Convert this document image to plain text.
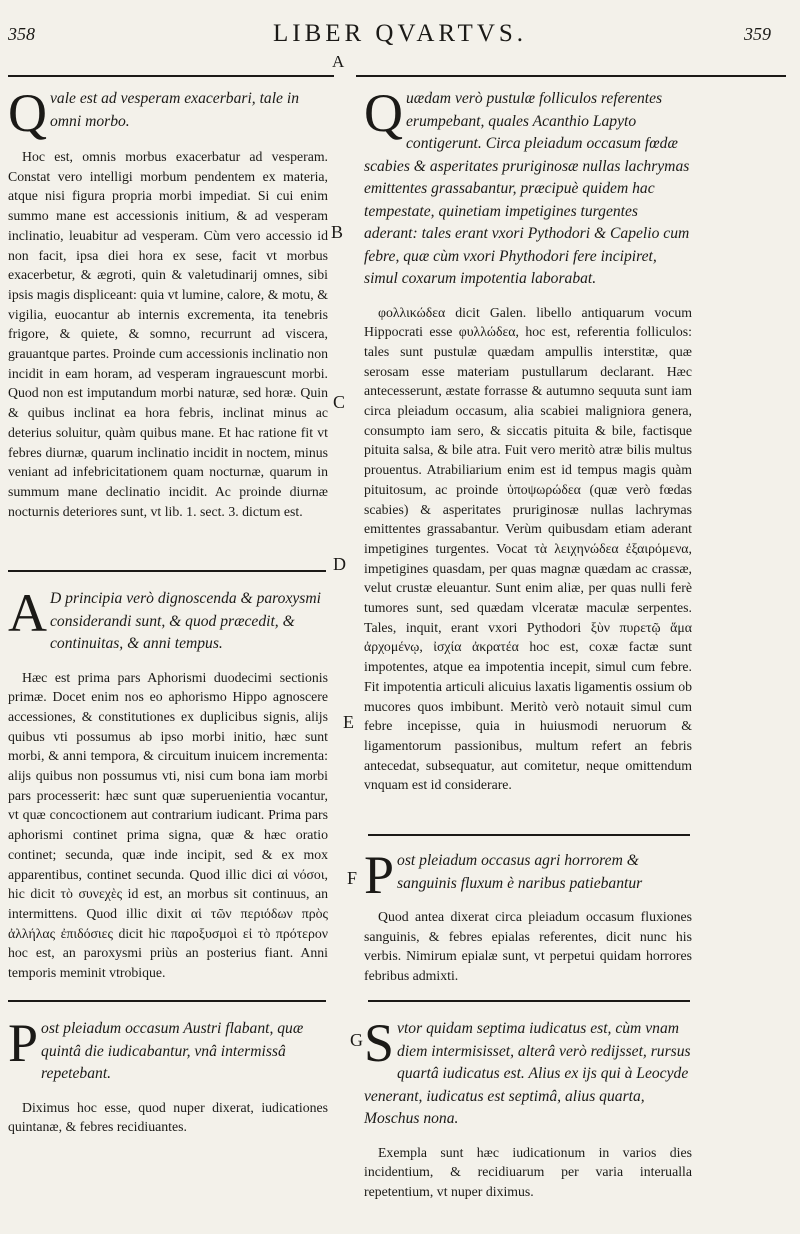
358	LIBER QVARTVS.	359
A
B
C
D
E
F
G

Q vale est ad vesperam exacerbari, tale in omni morbo.

Hoc est, omnis morbus exacerbatur ad vesperam. Constat vero intelligi morbum pendentem ex materia, atque nisi figura propria morbi impediat. Si cui enim summo mane est accessionis initium, & ad vesperam inclinatio, leuabitur ad vesperam. Cùm vero accessio id non facit, ipsa diei hora ex sese, facit vt morbus exacerbetur, & ægroti, quin & valetudinarij omnes, sibi ipsis magis displiceant: quia vt lumine, calore, & motu, & vigilia, euocantur ab internis excrementa, ita tenebris frigore, & quiete, & somno, recurrunt ad viscera, grauantque partes. Proinde cum accessionis inclinatio non incidit in eam horam, ad vesperam ingrauescunt morbi. Quod non est imputandum morbi naturæ, sed horæ. Quin & quibus inclinat ea hora febris, inclinat minus ac deterius soluitur, quàm quibus mane. Et hac ratione fit vt febres diurnæ, quarum inclinatio incidit in noctem, minus veniant ad infebricitationem quam nocturnæ, quarum in summum mane declinatio incidit. Ac proinde diurnæ nocturnis deteriores sunt, vt lib. 1. sect. 3. dictum est.

A D principia verò dignoscenda & paroxysmi considerandi sunt, & quod præcedit, & continuitas, & anni tempus.

Hæc est prima pars Aphorismi duodecimi sectionis primæ. Docet enim nos eo aphorismo Hippo agnoscere accessiones, & constitutiones ex duplicibus signis, alijs quibus vti possumus ab ipso morbi initio, hæc sunt morbi, & anni tempora, & circuitum inuicem incrementa: alijs quibus non possumus vti, nisi cum bona iam morbi pars processerit: hæc sunt quæ superuenientia vocantur, vt quæ concoctionem aut contrarium iudicant. Prima pars aphorismi continet prima signa, quæ & hæc oratio continet; secunda, quæ inde incipit, sed & ex mox apparentibus, continet secunda. Quod illic dici αἱ νόσοι, hic dicit τὸ συνεχὲς id est, an morbus sit continuus, an intermittens. Quod illic dixit αἱ τῶν περιόδων πρὸς ἀλλήλας ἐπιδόσιες dicit hic παροξυσμοὶ εἰ τὸ πρότερον hoc est, an paroxysmi priùs an posterius fiant. Anni temporis meminit vtrobique.

P ost pleiadum occasum Austri flabant, quæ quintâ die iudicabantur, vnâ intermissâ repetebant.

Diximus hoc esse, quod nuper dixerat, iudicationes quintanæ, & febres recidiuantes.

Q uædam verò pustulæ folliculos referentes erumpebant, quales Acanthio Lapyto contigerunt. Circa pleiadum occasum fœdæ scabies & asperitates pruriginosæ nullas lachrymas emittentes grassabantur, præcipuè quidem hac tempestate, quinetiam impetigines turgentes aderant: tales erant vxori Pythodori & Capelio cum febre, quæ cùm vxori Phythodori fere incipiret, simul coxarum impotentia laborabat.

φολλικώδεα dicit Galen. libello antiquarum vocum Hippocrati esse φυλλώδεα, hoc est, referentia folliculos: tales sunt pustulæ quædam ampullis interstitæ, quæ serosam esse materiam pustullarum declarant. Hæc antecesserunt, æstate forrasse & autumno sequuta sunt iam circa pleiadum occasum, alia scabiei maligniora genera, consumpto iam sero, & siccatis pituita & bile, factisque pituita salsa, & bile atra. Fuit vero meritò atræ bilis multus prouentus. Atrabiliarium enim est id tempus magis quàm pituitosum, ac proinde ὑποψωρώδεα (quæ verò fœdas scabies) & asperitates pruriginosæ nullas lachrymas emittentes grassabantur. Verùm quibusdam etiam aderant impetigines turgentes. Vocat τὰ λειχηνώδεα ἐξαιρόμενα, impetigines quasdam, per quas magnæ quædam ac crassæ, velut crustæ eleuantur. Sunt enim aliæ, per quas nulli ferè tumores sunt, sed quædam vlceratæ maculæ serpentes. Tales, inquit, erant vxori Pythodori ξὺν πυρετῷ ἅμα ἀρχομένῳ, ἰσχία ἀκρατέα hoc est, coxæ factæ sunt impotentes, atque ea impotentia incepit, simul cum febre. Fit impotentia articuli alicuius laxatis ligamentis ossium ob mucores quos imbibunt. Meritò verò notauit simul cum febre incepisse, quia in huiusmodi neruorum & ligamentorum passionibus, multum refert an febris antecedat, subsequatur, aut comitetur, neque omittendum vnquam est id considerare.

P ost pleiadum occasus agri horrorem & sanguinis fluxum è naribus patiebantur

Quod antea dixerat circa pleiadum occasum fluxiones sanguinis, & febres epialas referentes, dicit nunc his verbis. Nimirum epialæ sunt, vt perpetui quidam horrores febribus admixti.

S vtor quidam septima iudicatus est, cùm vnam diem intermisisset, alterâ verò redijsset, rursus quartâ iudicatus est. Alius ex ijs qui à Leocyde venerant, iudicatus est septimâ, alius quarta, Moschus nona.

Exempla sunt hæc iudicationum in varios dies incidentium, & recidiuarum per varia interualla repetentium, vt nuper diximus.
